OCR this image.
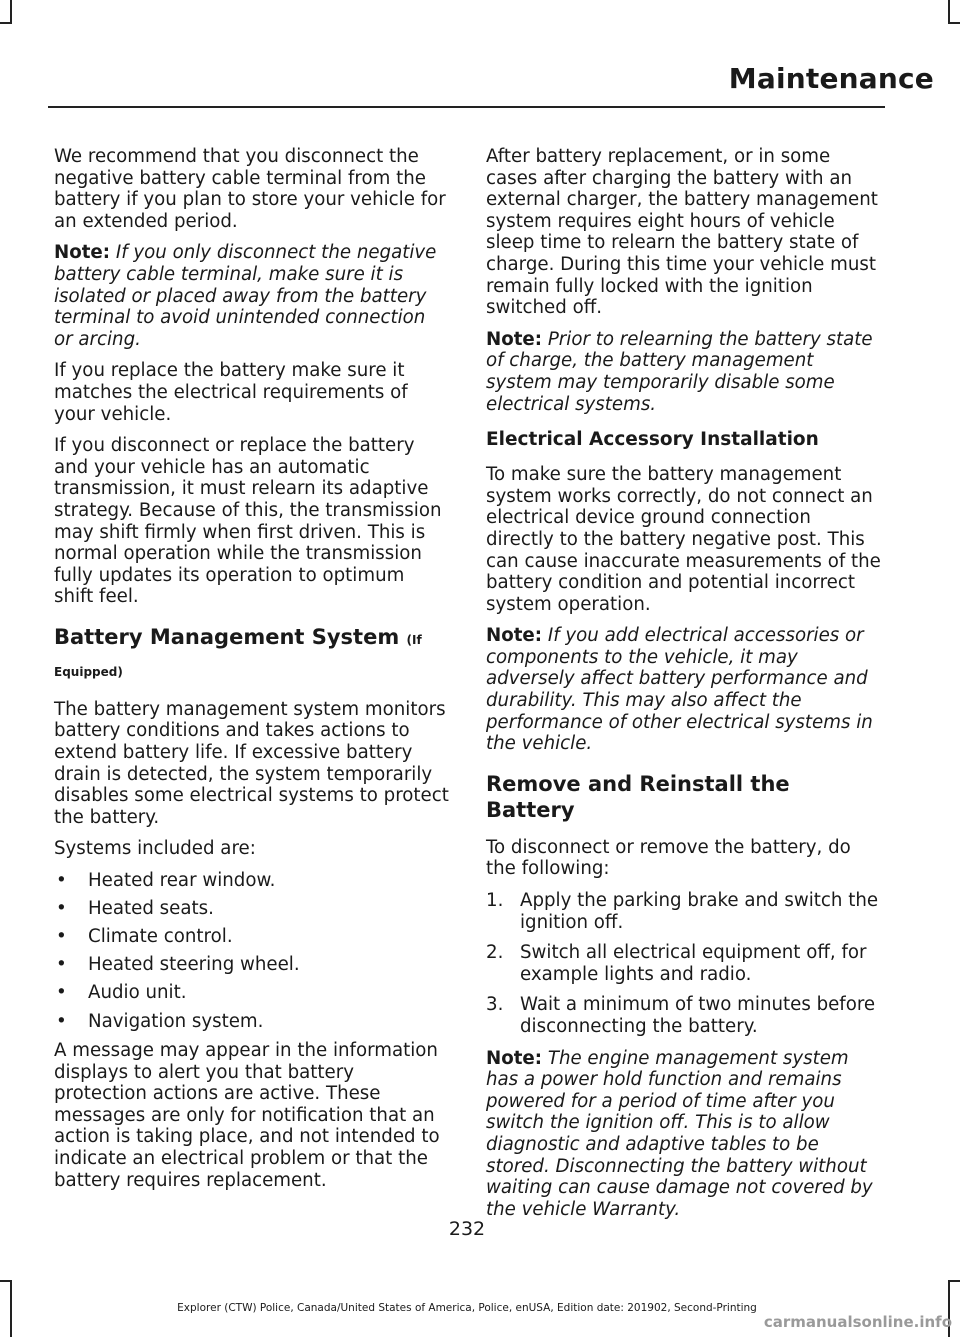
Maintenance

We recommend that you disconnect the negative battery cable terminal from the battery if you plan to store your vehicle for an extended period.

Note: If you only disconnect the negative battery cable terminal, make sure it is isolated or placed away from the battery terminal to avoid unintended connection or arcing.

If you replace the battery make sure it matches the electrical requirements of your vehicle.

If you disconnect or replace the battery and your vehicle has an automatic transmission, it must relearn its adaptive strategy. Because of this, the transmission may shift firmly when first driven. This is normal operation while the transmission fully updates its operation to optimum shift feel.

Battery Management System (If
Equipped)

The battery management system monitors battery conditions and takes actions to extend battery life. If excessive battery drain is detected, the system temporarily disables some electrical systems to protect the battery.

Systems included are:

• Heated rear window.
• Heated seats.
• Climate control.
• Heated steering wheel.
• Audio unit.
• Navigation system.

A message may appear in the information displays to alert you that battery protection actions are active. These messages are only for notification that an action is taking place, and not intended to indicate an electrical problem or that the battery requires replacement.

After battery replacement, or in some cases after charging the battery with an external charger, the battery management system requires eight hours of vehicle sleep time to relearn the battery state of charge. During this time your vehicle must remain fully locked with the ignition switched off.

Note: Prior to relearning the battery state of charge, the battery management system may temporarily disable some electrical systems.

Electrical Accessory Installation

To make sure the battery management system works correctly, do not connect an electrical device ground connection directly to the battery negative post. This can cause inaccurate measurements of the battery condition and potential incorrect system operation.

Note: If you add electrical accessories or components to the vehicle, it may adversely affect battery performance and durability. This may also affect the performance of other electrical systems in the vehicle.

Remove and Reinstall the Battery

To disconnect or remove the battery, do the following:

1. Apply the parking brake and switch the ignition off.
2. Switch all electrical equipment off, for example lights and radio.
3. Wait a minimum of two minutes before disconnecting the battery.

Note: The engine management system has a power hold function and remains powered for a period of time after you switch the ignition off. This is to allow diagnostic and adaptive tables to be stored. Disconnecting the battery without waiting can cause damage not covered by the vehicle Warranty.

232
Explorer (CTW) Police, Canada/United States of America, Police, enUSA, Edition date: 201902, Second-Printing
carmanualsonline.info
